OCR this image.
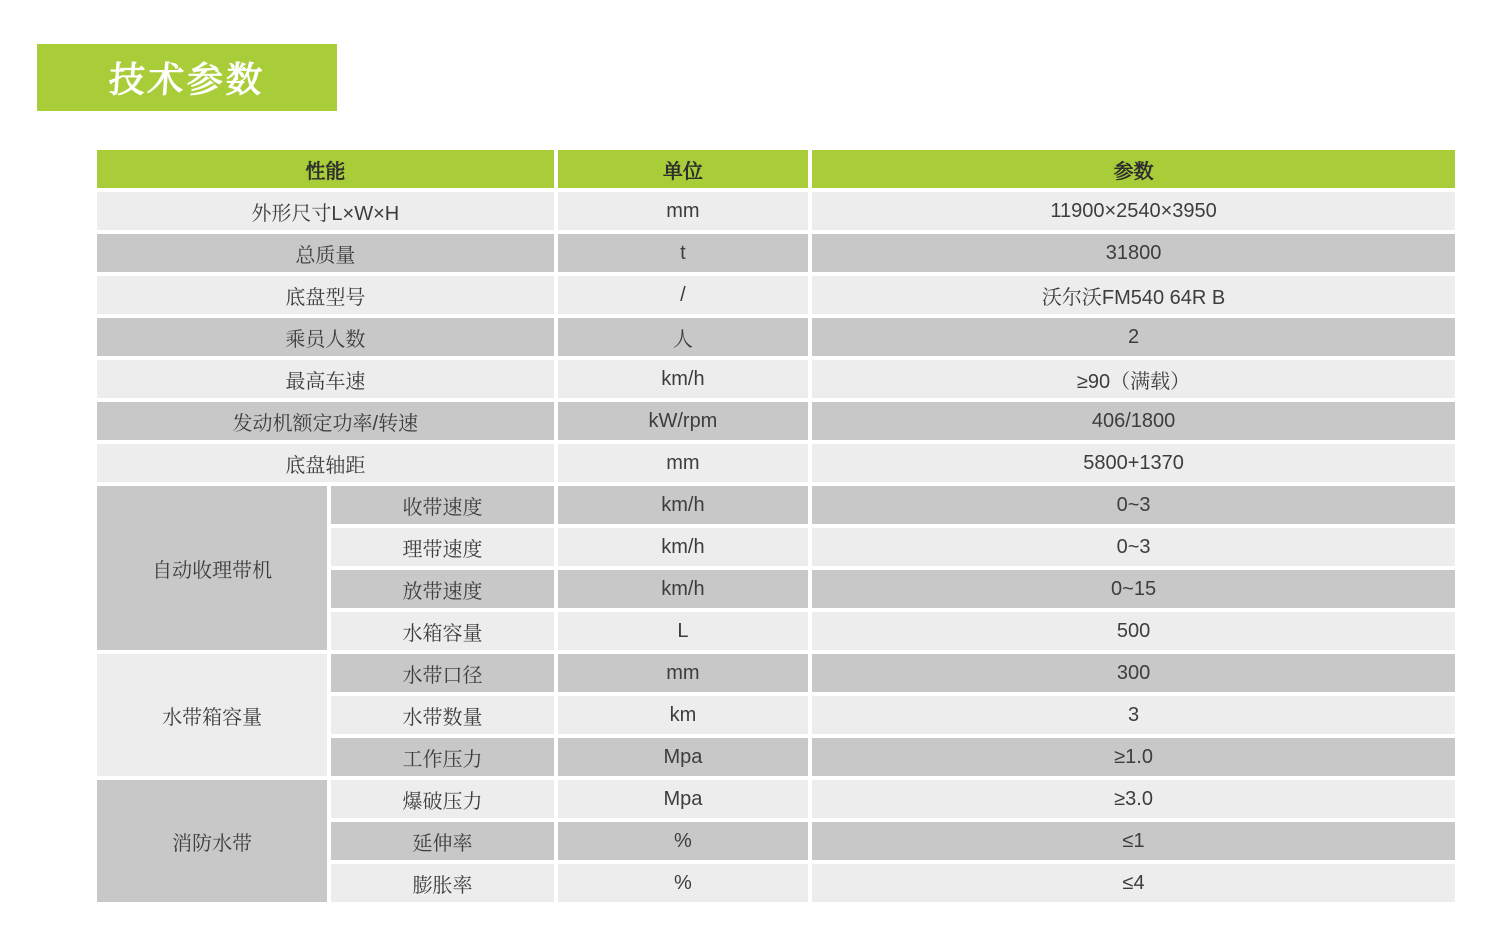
技术参数
性能		单位	参数
外形尺寸L×W×H		mm	11900×2540×3950
总质量		t	31800
底盘型号		/	沃尔沃FM540 64R B
乘员人数		人	2
最高车速		km/h	≥90（满载）
发动机额定功率/转速		kW/rpm	406/1800
底盘轴距		mm	5800+1370
自动收理带机	收带速度	km/h	0~3
	理带速度	km/h	0~3
	放带速度	km/h	0~15
	水箱容量	L	500
水带箱容量	水带口径	mm	300
	水带数量	km	3
	工作压力	Mpa	≥1.0
消防水带	爆破压力	Mpa	≥3.0
	延伸率	%	≤1
	膨胀率	%	≤4
